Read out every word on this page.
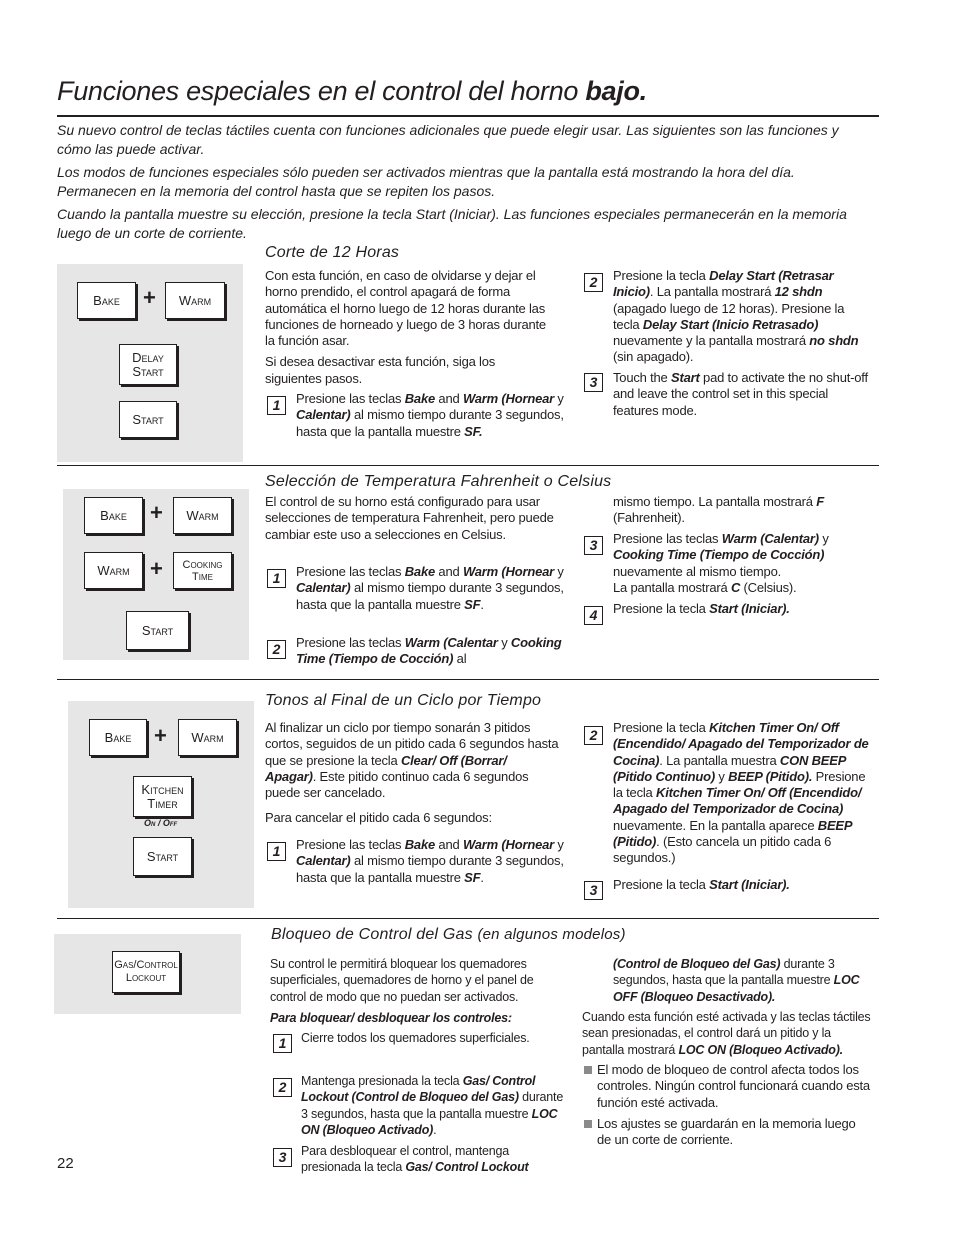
Funciones especiales en el control del horno bajo.
Su nuevo control de teclas táctiles cuenta con funciones adicionales que puede elegir usar. Las siguientes son las funciones y cómo las puede activar.
Los modos de funciones especiales sólo pueden ser activados mientras que la pantalla está mostrando la hora del día. Permanecen en la memoria del control hasta que se repiten los pasos.
Cuando la pantalla muestre su elección, presione la tecla Start (Iniciar). Las funciones especiales permanecerán en la memoria luego de un corte de corriente.
Bake + Warm
Delay
Start
Start
Corte de 12 Horas

Con esta función, en caso de olvidarse y dejar el horno prendido, el control apagará de forma automática el horno luego de 12 horas durante las funciones de horneado y luego de 3 horas durante la función asar.

Si desea desactivar esta función, siga los siguientes pasos.

1	Presione las teclas Bake and Warm (Hornear y Calentar) al mismo tiempo durante 3 segundos, hasta que la pantalla muestre SF.
2	Presione la tecla Delay Start (Retrasar Inicio). La pantalla mostrará 12 shdn (apagado luego de 12 horas). Presione la tecla Delay Start (Inicio Retrasado) nuevamente y la pantalla mostrará no shdn (sin apagado).
3	Touch the Start pad to activate the no shut-off and leave the control set in this special features mode.
Bake + Warm
Warm + Cooking
Time
Start
Selección de Temperatura Fahrenheit o Celsius

El control de su horno está configurado para usar selecciones de temperatura Fahrenheit, pero puede cambiar este uso a selecciones en Celsius.

1	Presione las teclas Bake and Warm (Hornear y Calentar) al mismo tiempo durante 3 segundos, hasta que la pantalla muestre SF.
2	Presione las teclas Warm (Calentar y Cooking Time (Tiempo de Cocción) al
mismo tiempo. La pantalla mostrará F (Fahrenheit).
3	Presione las teclas Warm (Calentar) y Cooking Time (Tiempo de Cocción) nuevamente al mismo tiempo.
La pantalla mostrará C (Celsius).
4	Presione la tecla Start (Iniciar).
Bake + Warm
Kitchen
Timer
On / Off
Start
Tonos al Final de un Ciclo por Tiempo

Al finalizar un ciclo por tiempo sonarán 3 pitidos cortos, seguidos de un pitido cada 6 segundos hasta que se presione la tecla Clear/ Off (Borrar/ Apagar). Este pitido continuo cada 6 segundos puede ser cancelado.

Para cancelar el pitido cada 6 segundos:

1	Presione las teclas Bake and Warm (Hornear y Calentar) al mismo tiempo durante 3 segundos, hasta que la pantalla muestre SF.
2	Presione la tecla Kitchen Timer On/ Off (Encendido/ Apagado del Temporizador de Cocina). La pantalla muestra CON BEEP (Pitido Continuo) y BEEP (Pitido). Presione la tecla Kitchen Timer On/ Off (Encendido/ Apagado del Temporizador de Cocina) nuevamente. En la pantalla aparece BEEP (Pitido). (Esto cancela un pitido cada 6 segundos.)
3	Presione la tecla Start (Iniciar).
Gas/Control
Lockout
Bloqueo de Control del Gas (en algunos modelos)

Su control le permitirá bloquear los quemadores superficiales, quemadores de horno y el panel de control de modo que no puedan ser activados.

Para bloquear/ desbloquear los controles:

1	Cierre todos los quemadores superficiales.
2	Mantenga presionada la tecla Gas/ Control Lockout (Control de Bloqueo del Gas) durante 3 segundos, hasta que la pantalla muestre LOC ON (Bloqueo Activado).
3	Para desbloquear el control, mantenga presionada la tecla Gas/ Control Lockout
(Control de Bloqueo del Gas) durante 3 segundos, hasta que la pantalla muestre LOC OFF (Bloqueo Desactivado).
Cuando esta función esté activada y las teclas táctiles sean presionadas, el control dará un pitido y la pantalla mostrará LOC ON (Bloqueo Activado).
El modo de bloqueo de control afecta todos los controles. Ningún control funcionará cuando esta función esté activada.
Los ajustes se guardarán en la memoria luego de un corte de corriente.
22
